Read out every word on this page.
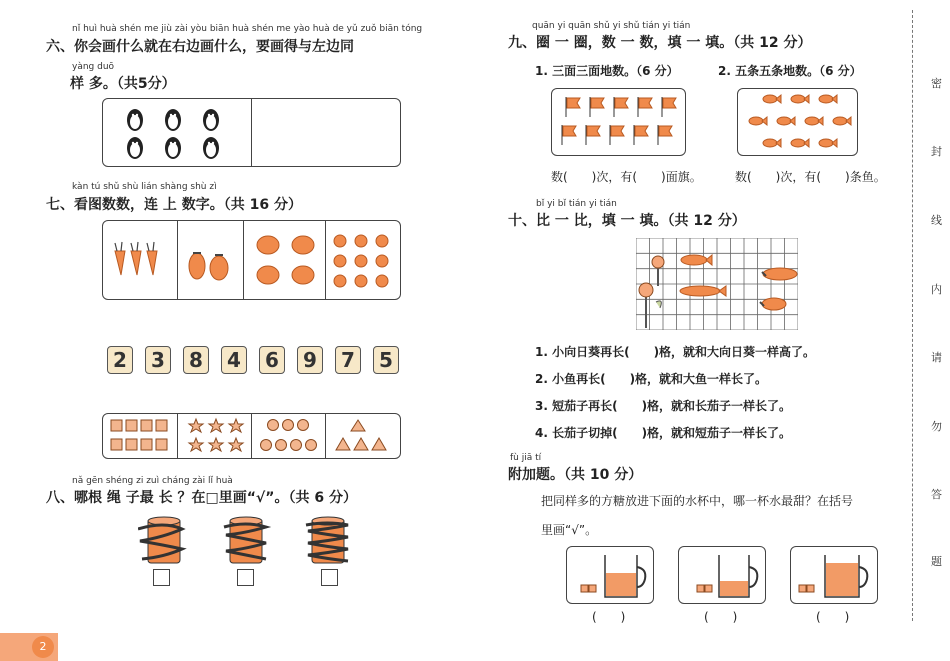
nǐ huì huà shén me jiù zài yòu biān huà shén me yào huà de yǔ zuǒ biān tóng
六、你会画什么就在右边画什么，要画得与左边同
yàng duō
样 多。（共5分）
kàn tú shǔ shù lián shàng shù zì
七、看图数数，连 上 数字。（共 16 分）
2	3	8	4	6	9	7	5
nǎ gēn shéng zi zuì cháng zài lǐ huà
八、哪根 绳 子最 长 ？在□里画“√”。（共 6 分）
2
quān yi quān shǔ yi shǔ tián yi tián
九、圈 一 圈，数 一 数，填 一 填。（共 12 分）
1. 三面三面地数。（6 分）	2. 五条五条地数。（6 分）
数(　　)次，有(　　)面旗。	数(　　)次，有(　　)条鱼。
bǐ yi bǐ tián yi tián
十、比 一 比，填 一 填。（共 12 分）
1. 小向日葵再长(　　)格，就和大向日葵一样高了。
2. 小鱼再长(　　)格，就和大鱼一样长了。
3. 短茄子再长(　　)格，就和长茄子一样长了。
4. 长茄子切掉(　　)格，就和短茄子一样长了。
fù jiā tí
附加题。（共 10 分）
把同样多的方糖放进下面的水杯中，哪一杯水最甜？在括号
里画“√”。
(　　)	(　　)	(　　)
密
封
线
内
请
勿
答
题
